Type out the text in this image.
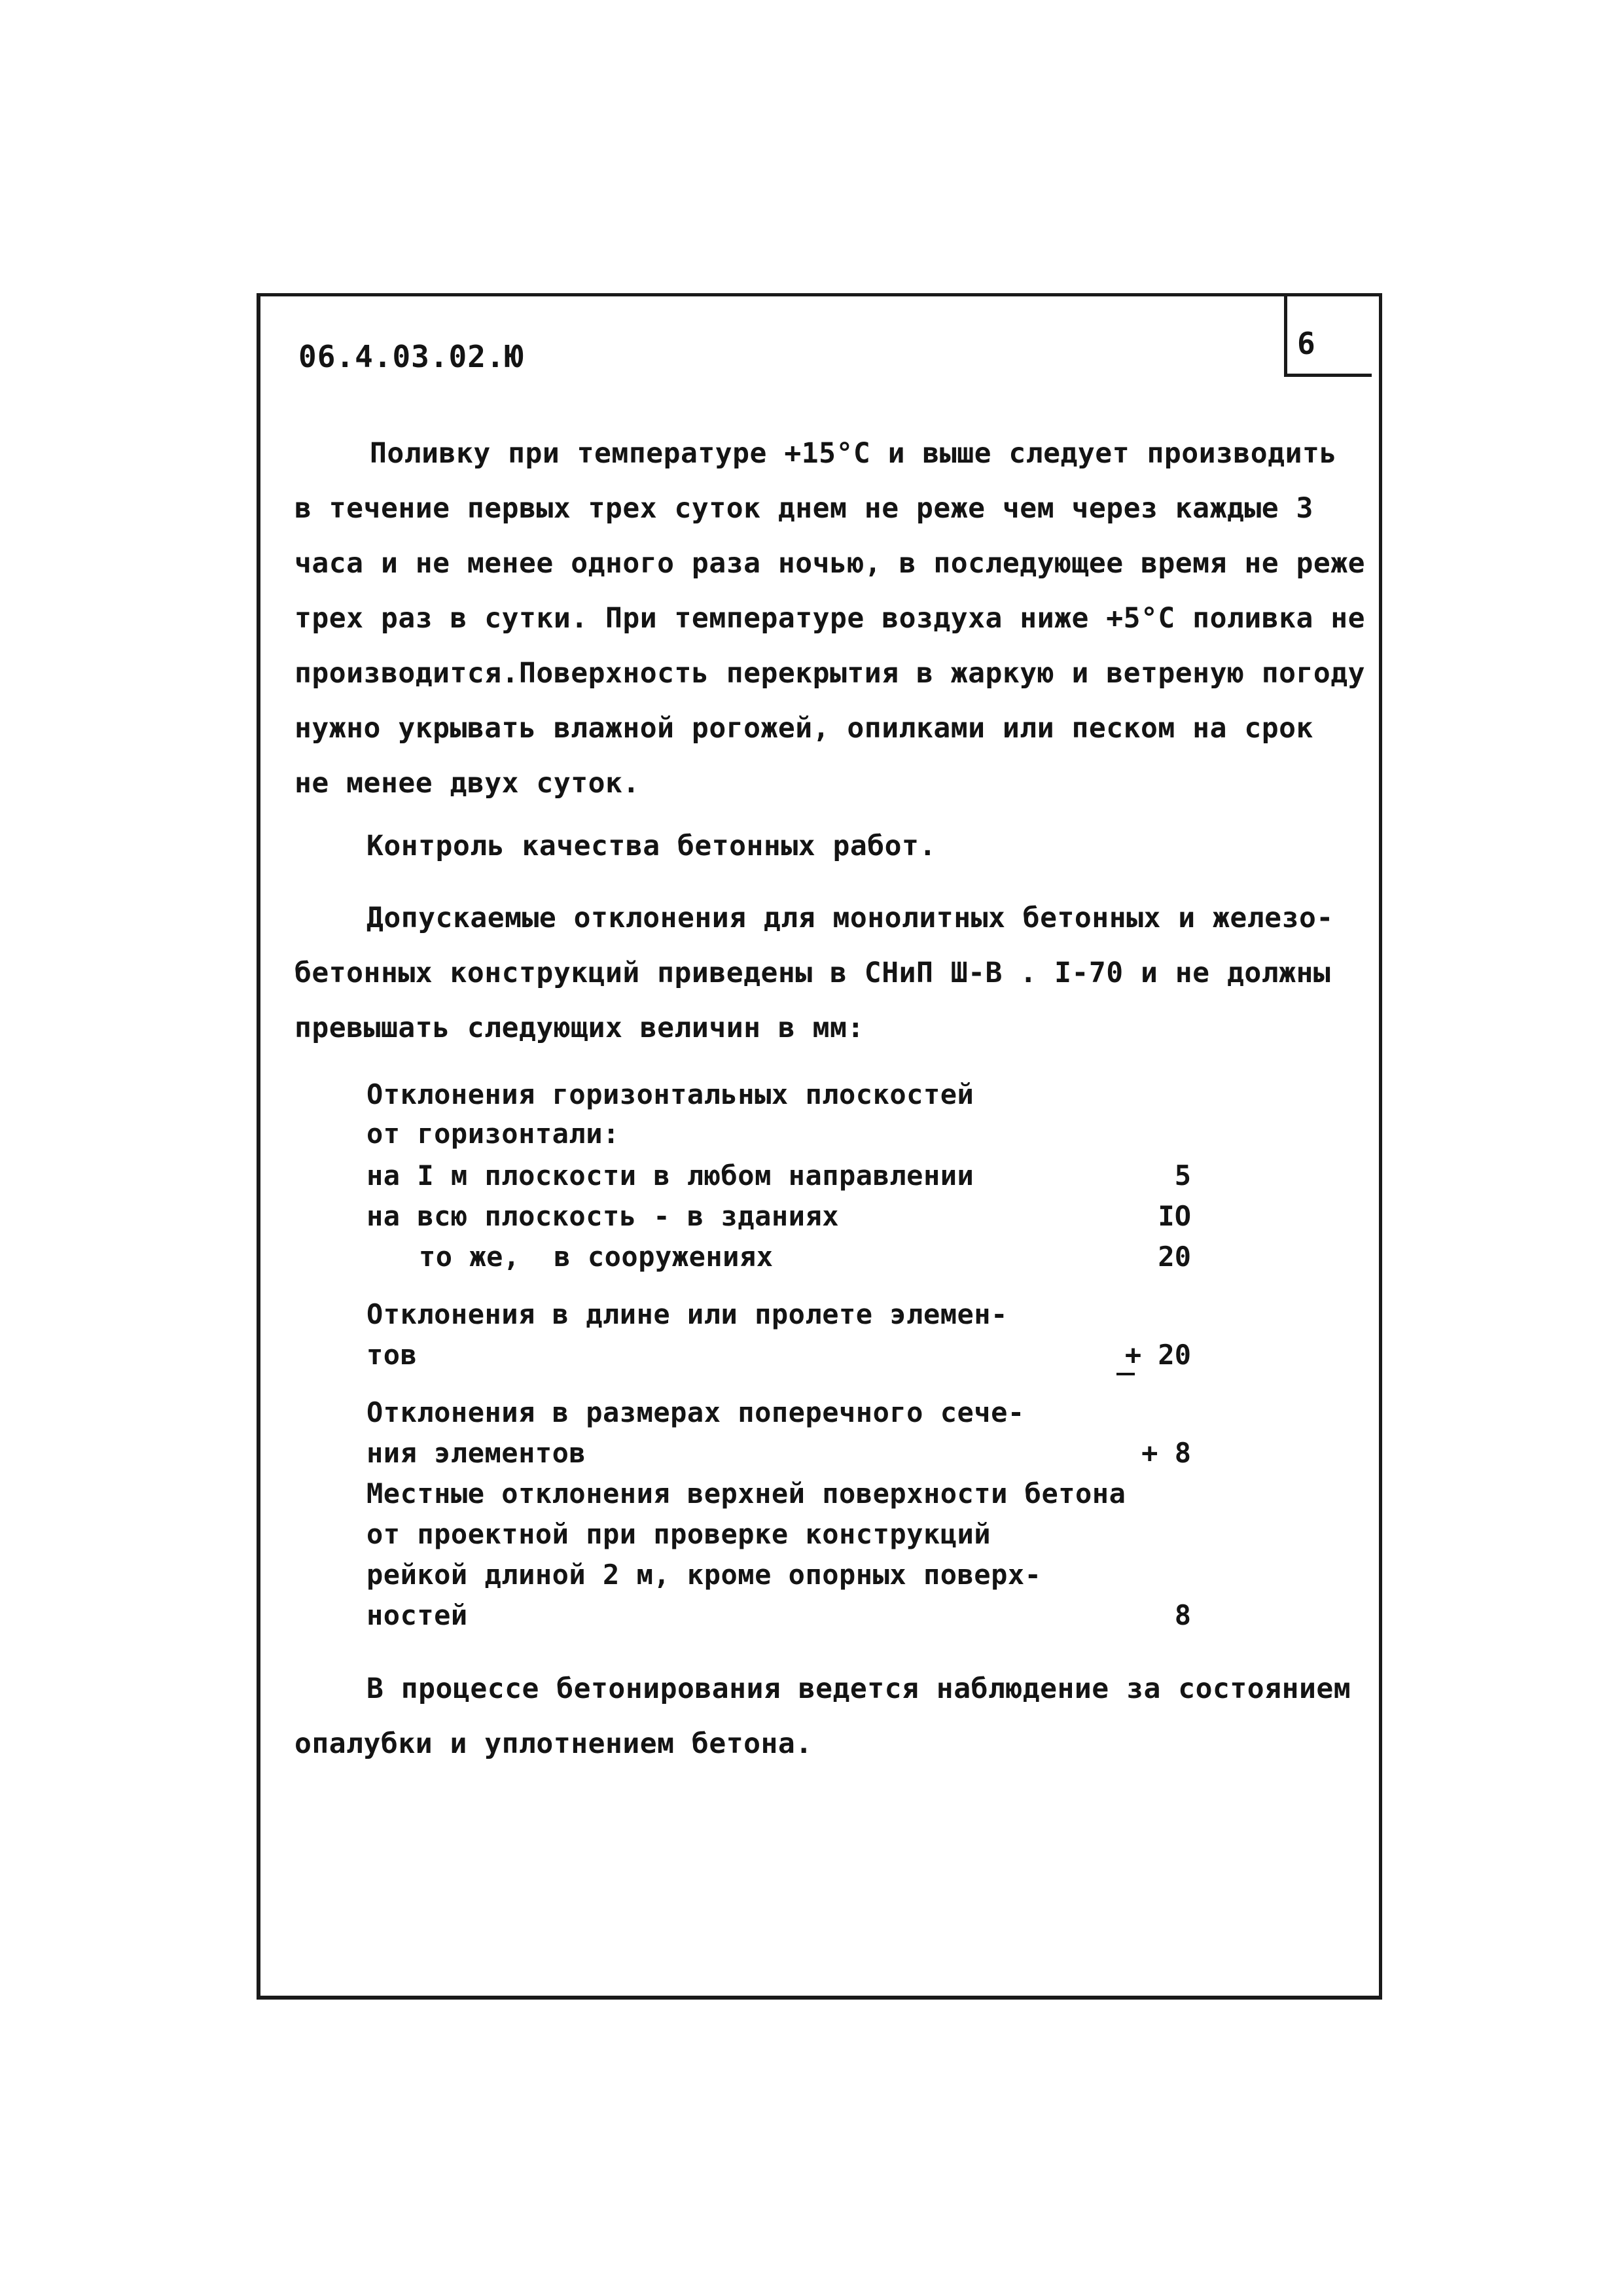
6
06.4.03.02.Ю
Поливку при температуре +15°С и выше следует производить
в течение первых трех суток днем не реже чем через каждые 3
часа и не менее одного раза ночью, в последующее время не реже
трех раз в сутки. При температуре воздуха ниже +5°С поливка не
производится.Поверхность перекрытия в жаркую и ветреную погоду
нужно укрывать влажной рогожей, опилками или песком на срок
не менее двух суток.
Контроль качества бетонных работ.
Допускаемые отклонения для монолитных бетонных и железо-
бетонных конструкций приведены в СНиП Ш-В . I-70 и не должны
превышать следующих величин в мм:
Отклонения горизонтальных плоскостей
от горизонтали:
на I м плоскости в любом направлении	5
на всю плоскость - в зданиях	IO
то же,  в сооружениях	20
Отклонения в длине или пролете элемен-
тов	+ 20
Отклонения в размерах поперечного сече-
ния элементов	+ 8
Местные отклонения верхней поверхности бетона
от проектной при проверке конструкций
рейкой длиной 2 м, кроме опорных поверх-
ностей	8
В процессе бетонирования ведется наблюдение за состоянием
опалубки и уплотнением бетона.
